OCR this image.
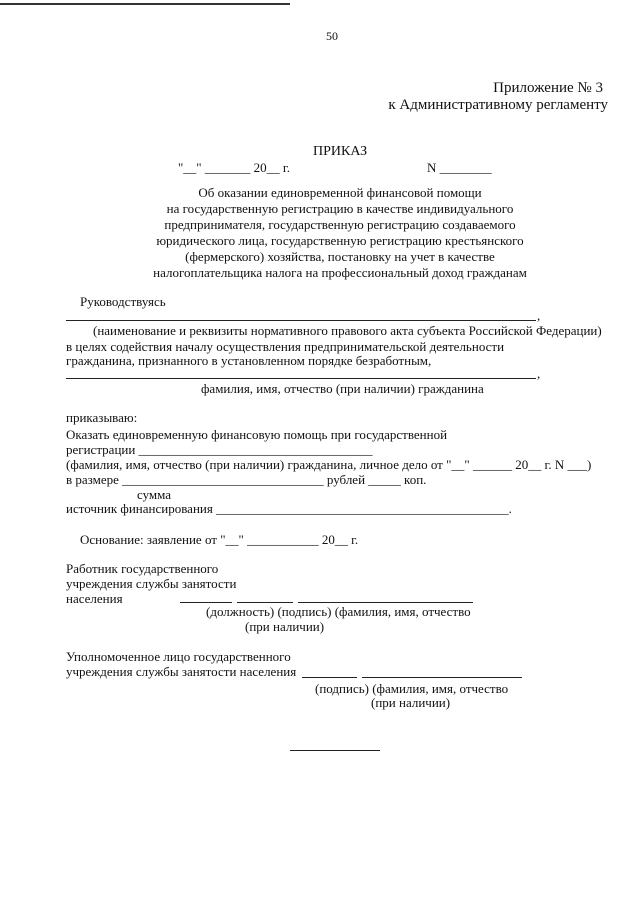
50
Приложение № 3
к Административному регламенту
ПРИКАЗ
"__" _______ 20__ г.	N ________
Об оказании единовременной финансовой помощи
на государственную регистрацию в качестве индивидуального
предпринимателя, государственную регистрацию создаваемого
юридического лица, государственную регистрацию крестьянского
(фермерского) хозяйства, постановку на учет в качестве
налогоплательщика налога на профессиональный доход гражданам
Руководствуясь
,
(наименование и реквизиты нормативного правового акта субъекта Российской Федерации)
в целях содействия началу осуществления предпринимательской деятельности
гражданина, признанного в установленном порядке безработным,
,
фамилия, имя, отчество (при наличии) гражданина
приказываю:
Оказать единовременную финансовую помощь при государственной
регистрации ____________________________________
(фамилия, имя, отчество (при наличии) гражданина, личное дело от "__" ______ 20__ г. N ___)
в размере _______________________________ рублей _____ коп.
сумма
источник финансирования _____________________________________________.
Основание: заявление от "__" ___________ 20__ г.
Работник государственного
учреждения службы занятости
населения
(должность) (подпись) (фамилия, имя, отчество
(при наличии)
Уполномоченное лицо государственного
учреждения службы занятости населения
(подпись) (фамилия, имя, отчество
(при наличии)
